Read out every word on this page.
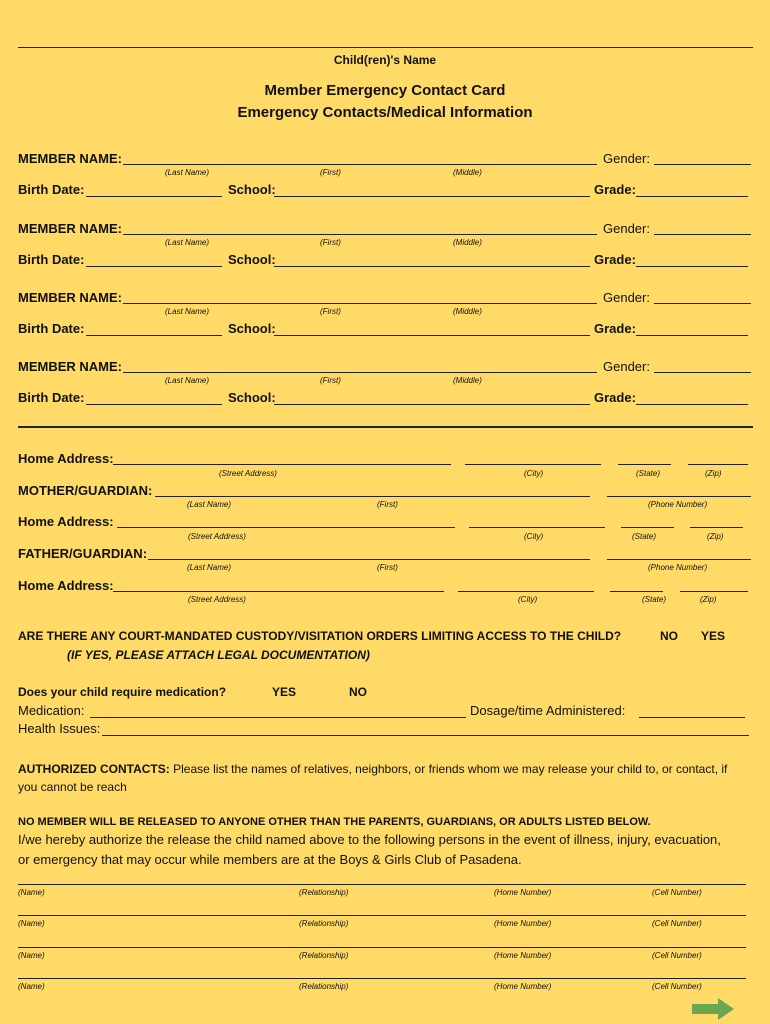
Child(ren)'s Name
Member Emergency Contact Card
Emergency Contacts/Medical Information
MEMBER NAME:	Gender:
(Last Name)	(First)	(Middle)
Birth Date:	School:	Grade:
MEMBER NAME:	Gender:
(Last Name)	(First)	(Middle)
Birth Date:	School:	Grade:
MEMBER NAME:	Gender:
(Last Name)	(First)	(Middle)
Birth Date:	School:	Grade:
MEMBER NAME:	Gender:
(Last Name)	(First)	(Middle)
Birth Date:	School:	Grade:
Home Address:
(Street Address)	(City)	(State)	(Zip)
MOTHER/GUARDIAN:
(Last Name)	(First)	(Phone Number)
Home Address:
(Street Address)	(City)	(State)	(Zip)
FATHER/GUARDIAN:
(Last Name)	(First)	(Phone Number)
Home Address:
(Street Address)	(City)	(State)	(Zip)
ARE THERE ANY COURT-MANDATED CUSTODY/VISITATION ORDERS LIMITING ACCESS TO THE CHILD?	NO YES
(IF YES, PLEASE ATTACH LEGAL DOCUMENTATION)
Does your child require medication?	YES	NO
Medication:	Dosage/time Administered:
Health Issues:
AUTHORIZED CONTACTS: Please list the names of relatives, neighbors, or friends whom we may release your child to, or contact, if you cannot be reach
NO MEMBER WILL BE RELEASED TO ANYONE OTHER THAN THE PARENTS, GUARDIANS, OR ADULTS LISTED BELOW.
I/we hereby authorize the release the child named above to the following persons in the event of illness, injury, evacuation, or emergency that may occur while members are at the Boys & Girls Club of Pasadena.
(Name)	(Relationship)	(Home Number)	(Cell Number)
(Name)	(Relationship)	(Home Number)	(Cell Number)
(Name)	(Relationship)	(Home Number)	(Cell Number)
(Name)	(Relationship)	(Home Number)	(Cell Number)
